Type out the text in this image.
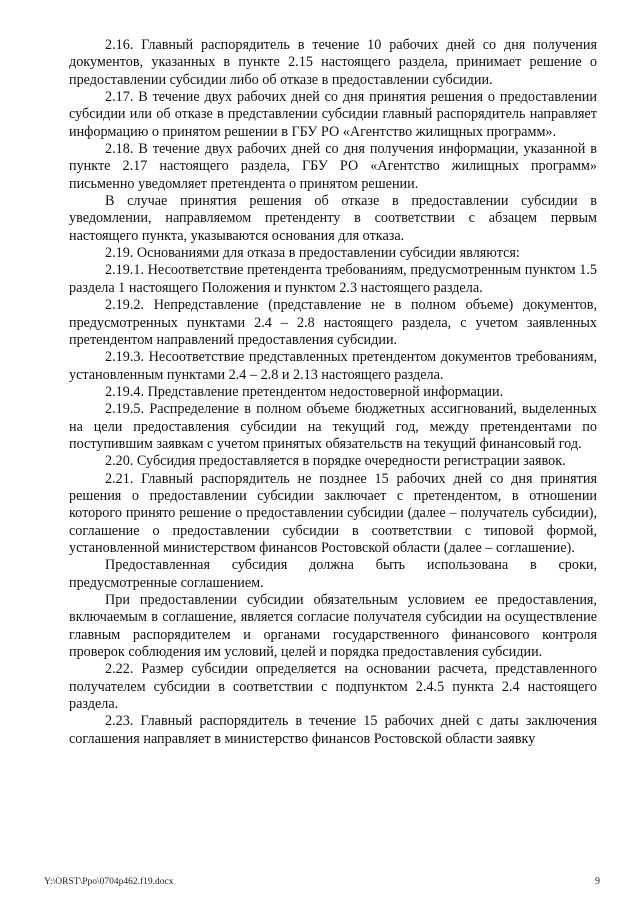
2.16. Главный распорядитель в течение 10 рабочих дней со дня получения документов, указанных в пункте 2.15 настоящего раздела, принимает решение о предоставлении субсидии либо об отказе в предоставлении субсидии.

2.17. В течение двух рабочих дней со дня принятия решения о предоставлении субсидии или об отказе в представлении субсидии главный распорядитель направляет информацию о принятом решении в ГБУ РО «Агентство жилищных программ».

2.18. В течение двух рабочих дней со дня получения информации, указанной в пункте 2.17 настоящего раздела, ГБУ РО «Агентство жилищных программ» письменно уведомляет претендента о принятом решении.

В случае принятия решения об отказе в предоставлении субсидии в уведомлении, направляемом претенденту в соответствии с абзацем первым настоящего пункта, указываются основания для отказа.

2.19. Основаниями для отказа в предоставлении субсидии являются:

2.19.1. Несоответствие претендента требованиям, предусмотренным пунктом 1.5 раздела 1 настоящего Положения и пунктом 2.3 настоящего раздела.

2.19.2. Непредставление (представление не в полном объеме) документов, предусмотренных пунктами 2.4 – 2.8 настоящего раздела, с учетом заявленных претендентом направлений предоставления субсидии.

2.19.3. Несоответствие представленных претендентом документов требованиям, установленным пунктами 2.4 – 2.8 и 2.13 настоящего раздела.

2.19.4. Представление претендентом недостоверной информации.

2.19.5. Распределение в полном объеме бюджетных ассигнований, выделенных на цели предоставления субсидии на текущий год, между претендентами по поступившим заявкам с учетом принятых обязательств на текущий финансовый год.

2.20. Субсидия предоставляется в порядке очередности регистрации заявок.

2.21. Главный распорядитель не позднее 15 рабочих дней со дня принятия решения о предоставлении субсидии заключает с претендентом, в отношении которого принято решение о предоставлении субсидии (далее – получатель субсидии), соглашение о предоставлении субсидии в соответствии с типовой формой, установленной министерством финансов Ростовской области (далее – соглашение).

Предоставленная субсидия должна быть использована в сроки, предусмотренные соглашением.

При предоставлении субсидии обязательным условием ее предоставления, включаемым в соглашение, является согласие получателя субсидии на осуществление главным распорядителем и органами государственного финансового контроля проверок соблюдения им условий, целей и порядка предоставления субсидии.

2.22. Размер субсидии определяется на основании расчета, представленного получателем субсидии в соответствии с подпунктом 2.4.5 пункта 2.4 настоящего раздела.

2.23. Главный распорядитель в течение 15 рабочих дней с даты заключения соглашения направляет в министерство финансов Ростовской области заявку

Y:\ORST\Ppo\0704p462.f19.docx	9
